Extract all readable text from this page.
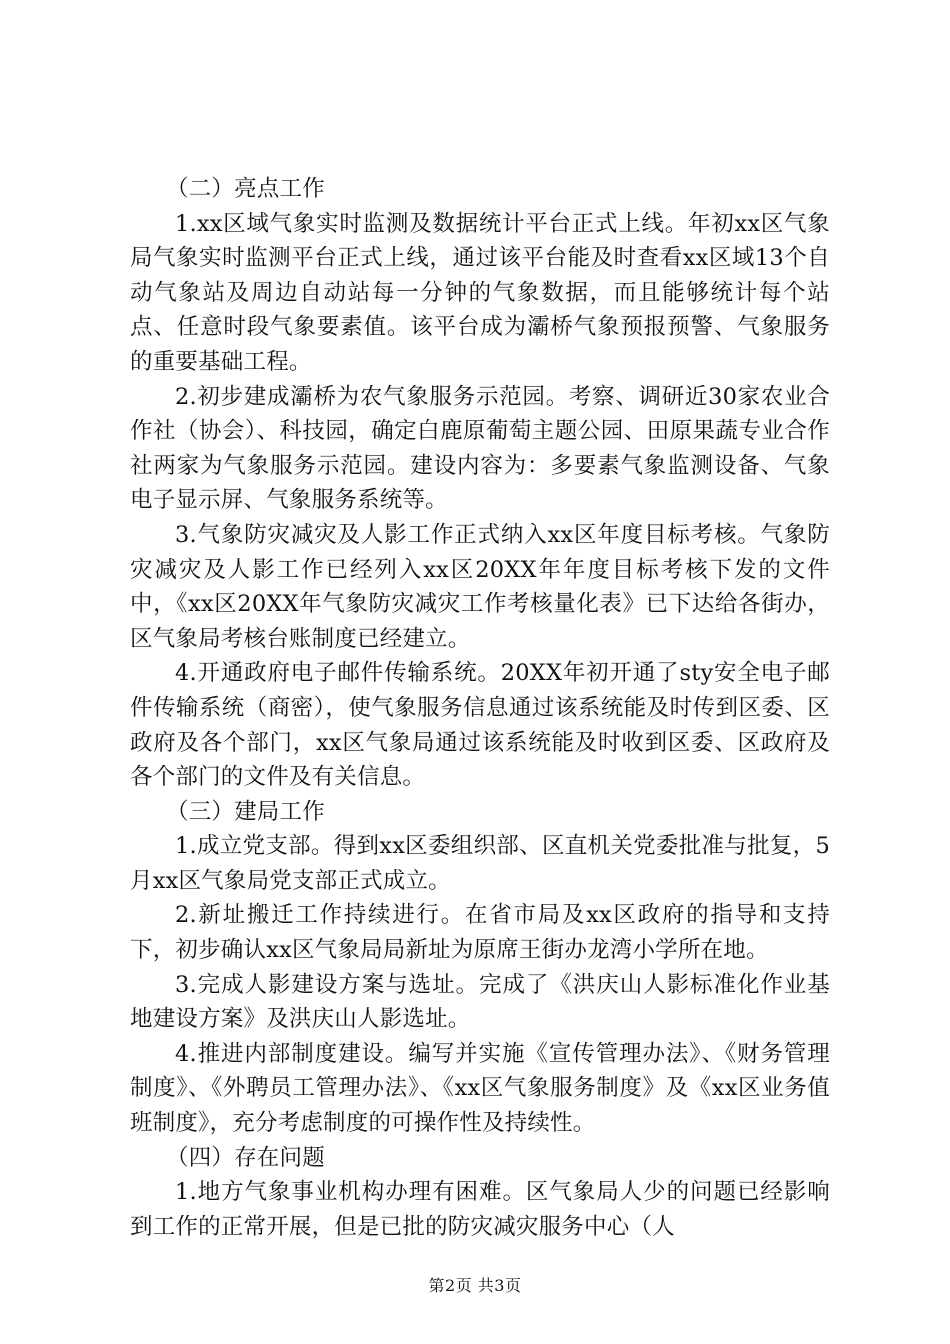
（二）亮点工作

1.xx区域气象实时监测及数据统计平台正式上线。年初xx区气象局气象实时监测平台正式上线，通过该平台能及时查看xx区域13个自动气象站及周边自动站每一分钟的气象数据，而且能够统计每个站点、任意时段气象要素值。该平台成为灞桥气象预报预警、气象服务的重要基础工程。

2.初步建成灞桥为农气象服务示范园。考察、调研近30家农业合作社（协会）、科技园，确定白鹿原葡萄主题公园、田原果蔬专业合作社两家为气象服务示范园。建设内容为：多要素气象监测设备、气象电子显示屏、气象服务系统等。

3.气象防灾减灾及人影工作正式纳入xx区年度目标考核。气象防灾减灾及人影工作已经列入xx区20XX年年度目标考核下发的文件中，《xx区20XX年气象防灾减灾工作考核量化表》已下达给各街办，区气象局考核台账制度已经建立。

4.开通政府电子邮件传输系统。20XX年初开通了sty安全电子邮件传输系统（商密），使气象服务信息通过该系统能及时传到区委、区政府及各个部门，xx区气象局通过该系统能及时收到区委、区政府及各个部门的文件及有关信息。

（三）建局工作

1.成立党支部。得到xx区委组织部、区直机关党委批准与批复，5月xx区气象局党支部正式成立。

2.新址搬迁工作持续进行。在省市局及xx区政府的指导和支持下，初步确认xx区气象局局新址为原席王街办龙湾小学所在地。

3.完成人影建设方案与选址。完成了《洪庆山人影标准化作业基地建设方案》及洪庆山人影选址。

4.推进内部制度建设。编写并实施《宣传管理办法》、《财务管理制度》、《外聘员工管理办法》、《xx区气象服务制度》及《xx区业务值班制度》，充分考虑制度的可操作性及持续性。

（四）存在问题

1.地方气象事业机构办理有困难。区气象局人少的问题已经影响到工作的正常开展，但是已批的防灾减灾服务中心（人

第2页 共3页
